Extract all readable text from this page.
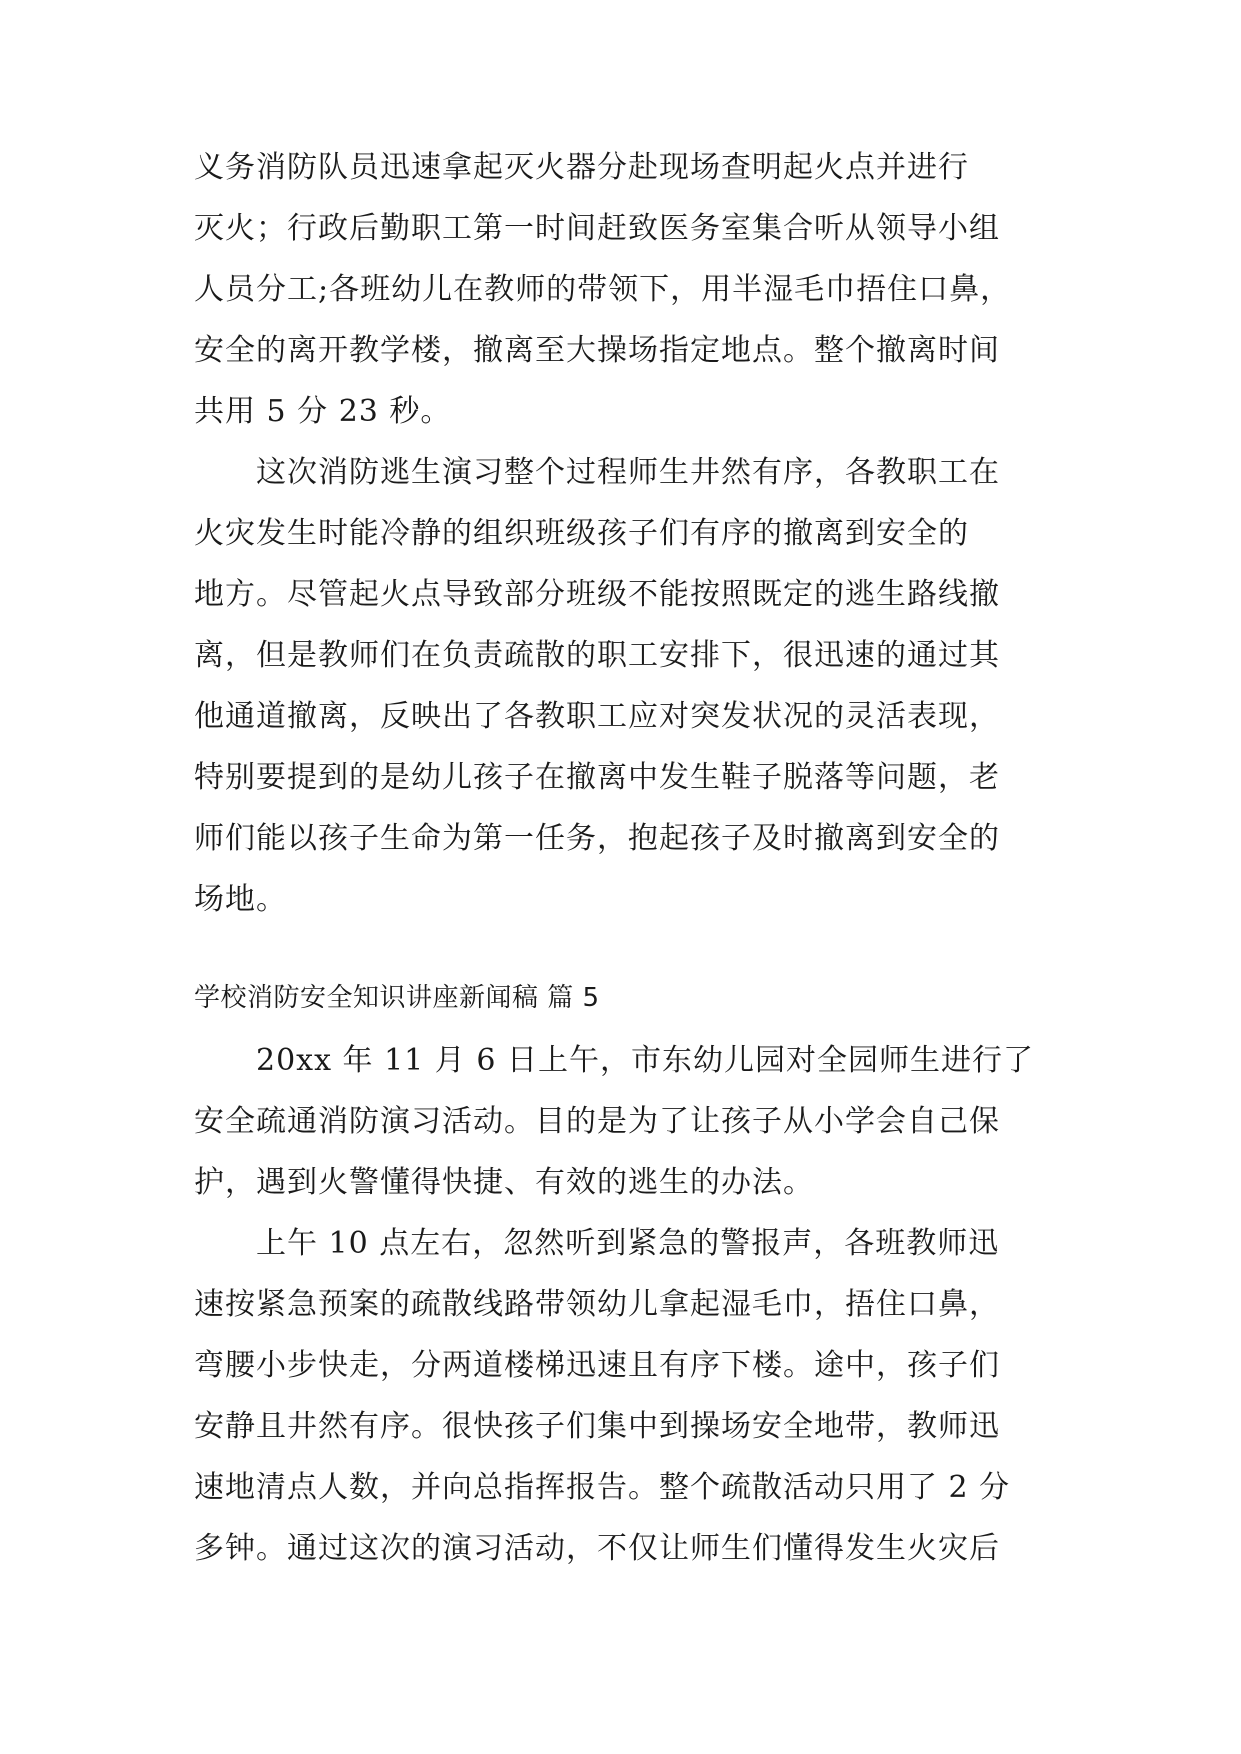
义务消防队员迅速拿起灭火器分赴现场查明起火点并进行
灭火；行政后勤职工第一时间赶致医务室集合听从领导小组
人员分工;各班幼儿在教师的带领下，用半湿毛巾捂住口鼻，
安全的离开教学楼，撤离至大操场指定地点。整个撤离时间
共用 5 分 23 秒。
　　这次消防逃生演习整个过程师生井然有序，各教职工在
火灾发生时能冷静的组织班级孩子们有序的撤离到安全的
地方。尽管起火点导致部分班级不能按照既定的逃生路线撤
离，但是教师们在负责疏散的职工安排下，很迅速的通过其
他通道撤离，反映出了各教职工应对突发状况的灵活表现，
特别要提到的是幼儿孩子在撤离中发生鞋子脱落等问题，老
师们能以孩子生命为第一任务，抱起孩子及时撤离到安全的
场地。
学校消防安全知识讲座新闻稿 篇 5
　　20xx 年 11 月 6 日上午，市东幼儿园对全园师生进行了
安全疏通消防演习活动。目的是为了让孩子从小学会自己保
护，遇到火警懂得快捷、有效的逃生的办法。
　　上午 10 点左右，忽然听到紧急的警报声，各班教师迅
速按紧急预案的疏散线路带领幼儿拿起湿毛巾，捂住口鼻，
弯腰小步快走，分两道楼梯迅速且有序下楼。途中，孩子们
安静且井然有序。很快孩子们集中到操场安全地带，教师迅
速地清点人数，并向总指挥报告。整个疏散活动只用了 2 分
多钟。通过这次的演习活动，不仅让师生们懂得发生火灾后
